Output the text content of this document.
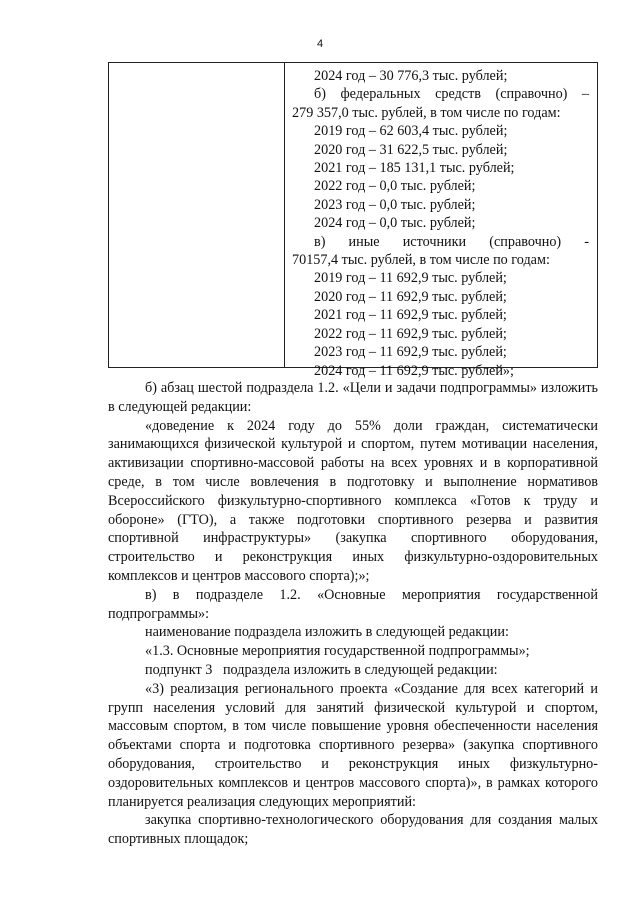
4
2024 год – 30 776,3 тыс. рублей;
б) федеральных средств (справочно) –
279 357,0 тыс. рублей, в том числе по годам:
2019 год – 62 603,4 тыс. рублей;
2020 год – 31 622,5 тыс. рублей;
2021 год – 185 131,1 тыс. рублей;
2022 год – 0,0 тыс. рублей;
2023 год – 0,0 тыс. рублей;
2024 год – 0,0 тыс. рублей;
в) иные источники (справочно) -
70157,4 тыс. рублей, в том числе по годам:
2019 год – 11 692,9 тыс. рублей;
2020 год – 11 692,9 тыс. рублей;
2021 год – 11 692,9 тыс. рублей;
2022 год – 11 692,9 тыс. рублей;
2023 год – 11 692,9 тыс. рублей;
2024 год – 11 692,9 тыс. рублей»;
б) абзац шестой подраздела 1.2. «Цели и задачи подпрограммы» изложить в следующей редакции:
«доведение к 2024 году до 55% доли граждан, систематически занимающихся физической культурой и спортом, путем мотивации населения, активизации спортивно-массовой работы на всех уровнях и в корпоративной среде, в том числе вовлечения в подготовку и выполнение нормативов Всероссийского физкультурно-спортивного комплекса «Готов к труду и обороне» (ГТО), а также подготовки спортивного резерва и развития спортивной инфраструктуры» (закупка спортивного оборудования, строительство и реконструкция иных физкультурно-оздоровительных комплексов и центров массового спорта);»;
в) в подразделе 1.2. «Основные мероприятия государственной подпрограммы»:
наименование подраздела изложить в следующей редакции:
«1.3. Основные мероприятия государственной подпрограммы»;
подпункт 3   подраздела изложить в следующей редакции:
«3) реализация регионального проекта «Создание для всех категорий и групп населения условий для занятий физической культурой и спортом, массовым спортом, в том числе повышение уровня обеспеченности населения объектами спорта и подготовка спортивного резерва» (закупка спортивного оборудования, строительство и реконструкция иных физкультурно-оздоровительных комплексов и центров массового спорта)», в рамках которого планируется реализация следующих мероприятий:
закупка спортивно-технологического оборудования для создания малых спортивных площадок;
